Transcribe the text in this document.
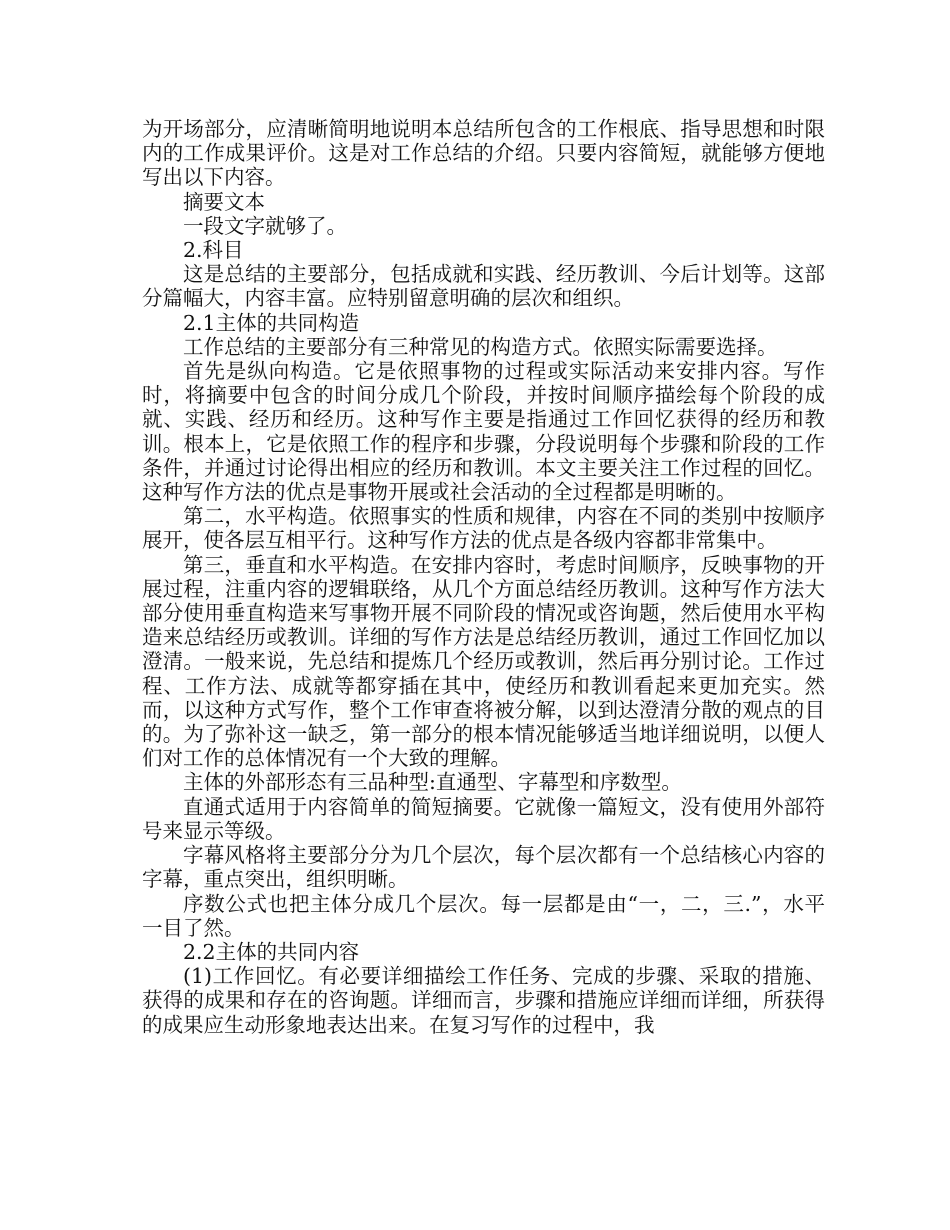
为开场部分，应清晰简明地说明本总结所包含的工作根底、指导思想和时限内的工作成果评价。这是对工作总结的介绍。只要内容简短，就能够方便地写出以下内容。

摘要文本

一段文字就够了。

2.科目

这是总结的主要部分，包括成就和实践、经历教训、今后计划等。这部分篇幅大，内容丰富。应特别留意明确的层次和组织。

2.1主体的共同构造

工作总结的主要部分有三种常见的构造方式。依照实际需要选择。

首先是纵向构造。它是依照事物的过程或实际活动来安排内容。写作时，将摘要中包含的时间分成几个阶段，并按时间顺序描绘每个阶段的成就、实践、经历和经历。这种写作主要是指通过工作回忆获得的经历和教训。根本上，它是依照工作的程序和步骤，分段说明每个步骤和阶段的工作条件，并通过讨论得出相应的经历和教训。本文主要关注工作过程的回忆。这种写作方法的优点是事物开展或社会活动的全过程都是明晰的。

第二，水平构造。依照事实的性质和规律，内容在不同的类别中按顺序展开，使各层互相平行。这种写作方法的优点是各级内容都非常集中。

第三，垂直和水平构造。在安排内容时，考虑时间顺序，反映事物的开展过程，注重内容的逻辑联络，从几个方面总结经历教训。这种写作方法大部分使用垂直构造来写事物开展不同阶段的情况或咨询题，然后使用水平构造来总结经历或教训。详细的写作方法是总结经历教训，通过工作回忆加以澄清。一般来说，先总结和提炼几个经历或教训，然后再分别讨论。工作过程、工作方法、成就等都穿插在其中，使经历和教训看起来更加充实。然而，以这种方式写作，整个工作审查将被分解，以到达澄清分散的观点的目的。为了弥补这一缺乏，第一部分的根本情况能够适当地详细说明，以便人们对工作的总体情况有一个大致的理解。

主体的外部形态有三品种型:直通型、字幕型和序数型。

直通式适用于内容简单的简短摘要。它就像一篇短文，没有使用外部符号来显示等级。

字幕风格将主要部分分为几个层次，每个层次都有一个总结核心内容的字幕，重点突出，组织明晰。

序数公式也把主体分成几个层次。每一层都是由“一，二，三.”，水平一目了然。

2.2主体的共同内容

(1)工作回忆。有必要详细描绘工作任务、完成的步骤、采取的措施、获得的成果和存在的咨询题。详细而言，步骤和措施应详细而详细，所获得的成果应生动形象地表达出来。在复习写作的过程中，我
